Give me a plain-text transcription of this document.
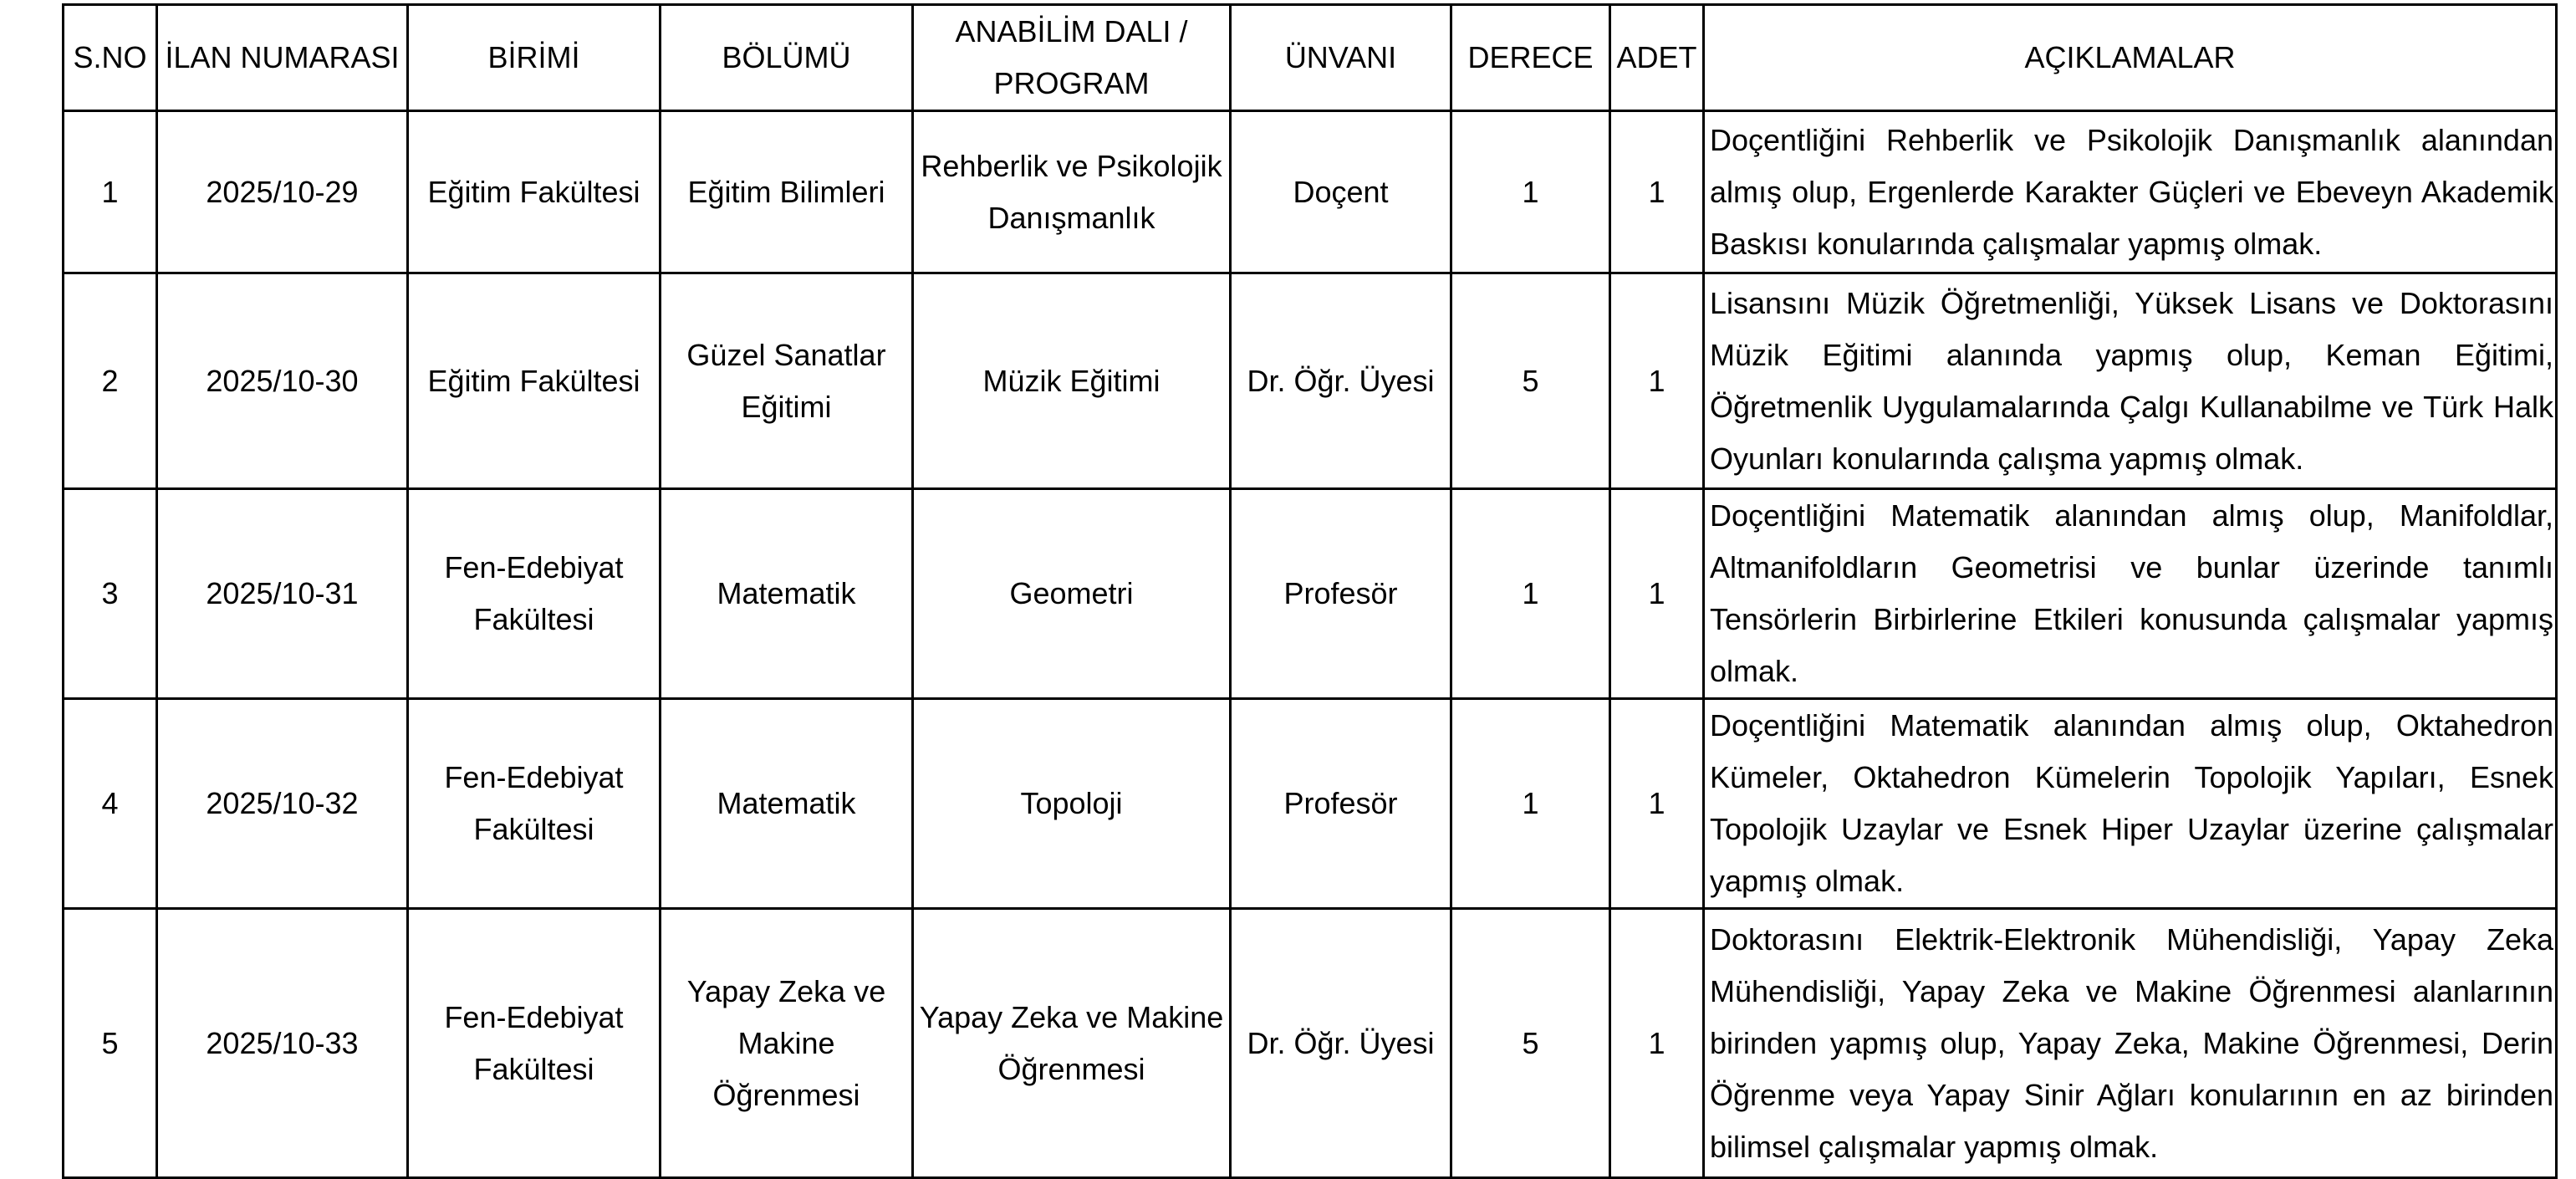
S.NO	İLAN NUMARASI	BİRİMİ	BÖLÜMÜ	ANABİLİM DALI / PROGRAM	ÜNVANI	DERECE	ADET	AÇIKLAMALAR
1	2025/10-29	Eğitim Fakültesi	Eğitim Bilimleri	Rehberlik ve Psikolojik Danışmanlık	Doçent	1	1	Doçentliğini Rehberlik ve Psikolojik Danışmanlık alanından almış olup, Ergenlerde Karakter Güçleri ve Ebeveyn Akademik Baskısı konularında çalışmalar yapmış olmak.
2	2025/10-30	Eğitim Fakültesi	Güzel Sanatlar Eğitimi	Müzik Eğitimi	Dr. Öğr. Üyesi	5	1	Lisansını Müzik Öğretmenliği, Yüksek Lisans ve Doktorasını Müzik Eğitimi alanında yapmış olup, Keman Eğitimi, Öğretmenlik Uygulamalarında Çalgı Kullanabilme ve Türk Halk Oyunları konularında çalışma yapmış olmak.
3	2025/10-31	Fen-Edebiyat Fakültesi	Matematik	Geometri	Profesör	1	1	Doçentliğini Matematik alanından almış olup, Manifoldlar, Altmanifoldların Geometrisi ve bunlar üzerinde tanımlı Tensörlerin Birbirlerine Etkileri konusunda çalışmalar yapmış olmak.
4	2025/10-32	Fen-Edebiyat Fakültesi	Matematik	Topoloji	Profesör	1	1	Doçentliğini Matematik alanından almış olup, Oktahedron Kümeler, Oktahedron Kümelerin Topolojik Yapıları, Esnek Topolojik Uzaylar ve Esnek Hiper Uzaylar üzerine çalışmalar yapmış olmak.
5	2025/10-33	Fen-Edebiyat Fakültesi	Yapay Zeka ve Makine Öğrenmesi	Yapay Zeka ve Makine Öğrenmesi	Dr. Öğr. Üyesi	5	1	Doktorasını Elektrik-Elektronik Mühendisliği, Yapay Zeka Mühendisliği, Yapay Zeka ve Makine Öğrenmesi alanlarının birinden yapmış olup, Yapay Zeka, Makine Öğrenmesi, Derin Öğrenme veya Yapay Sinir Ağları konularının en az birinden bilimsel çalışmalar yapmış olmak.
